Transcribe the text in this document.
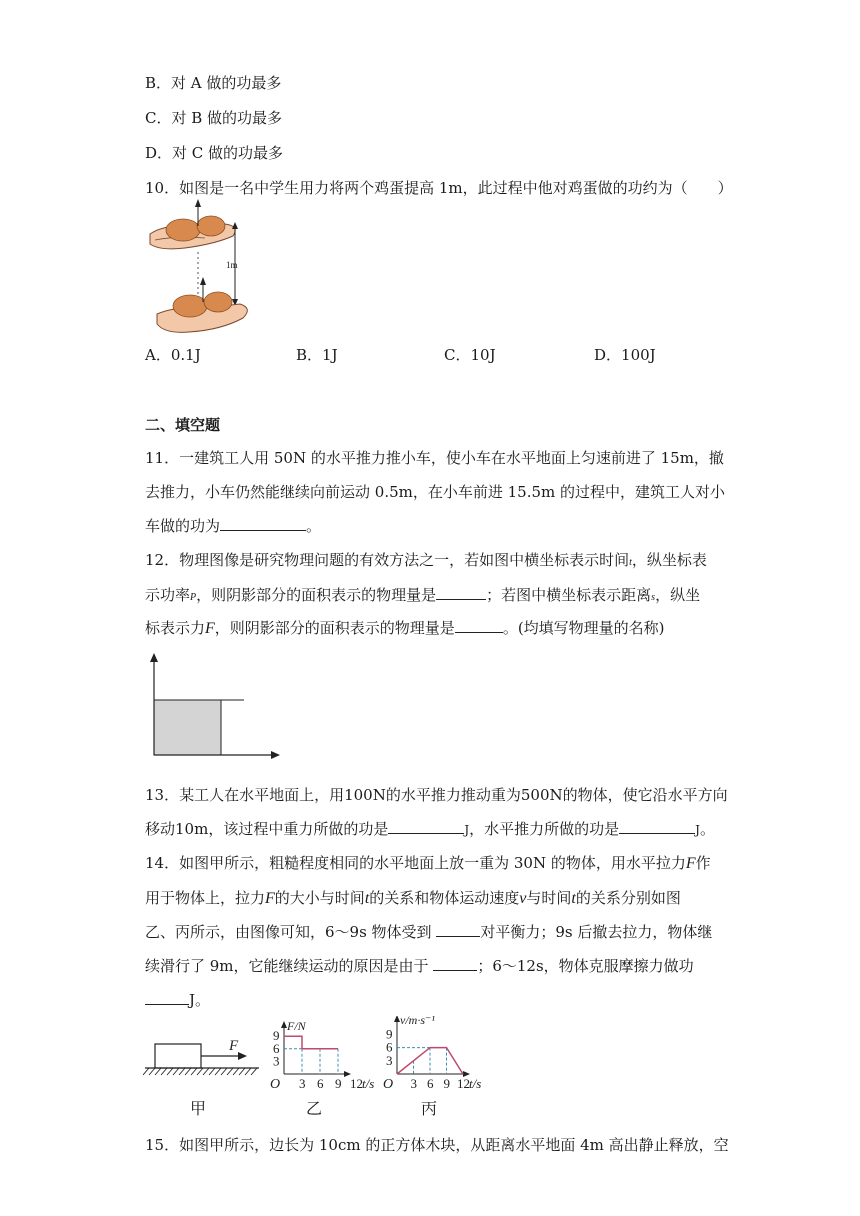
B．对 A 做的功最多
C．对 B 做的功最多
D．对 C 做的功最多
10．如图是一名中学生用力将两个鸡蛋提高 1m，此过程中他对鸡蛋做的功约为（　　）
1m
A．0.1J	B．1J	C．10J	D．100J
二、填空题
11．一建筑工人用 50N 的水平推力推小车，使小车在水平地面上匀速前进了 15m，撤
去推力，小车仍然能继续向前运动 0.5m，在小车前进 15.5m 的过程中，建筑工人对小
车做的功为	。
12．物理图像是研究物理问题的有效方法之一，若如图中横坐标表示时间t，纵坐标表
示功率P，则阴影部分的面积表示的物理量是	；若图中横坐标表示距离s，纵坐
标表示力F，则阴影部分的面积表示的物理量是	。(均填写物理量的名称)
13．某工人在水平地面上，用100N的水平推力推动重为500N的物体，使它沿水平方向
移动10m，该过程中重力所做的功是	J，水平推力所做的功是	J。
14．如图甲所示，粗糙程度相同的水平地面上放一重为 30N 的物体，用水平拉力F作
用于物体上，拉力F的大小与时间t的关系和物体运动速度v与时间t的关系分别如图
乙、丙所示，由图像可知，6～9s 物体受到	对平衡力；9s 后撤去拉力，物体继
续滑行了 9m，它能继续运动的原因是由于	；6～12s，物体克服摩擦力做功
J。
F
3 6 9 12
3
6
9
O	t/s
F/N
3 6 9 12
3
6
9
O	t/s
v/m·s⁻¹
甲	乙	丙
15．如图甲所示，边长为 10cm 的正方体木块，从距离水平地面 4m 高出静止释放，空
